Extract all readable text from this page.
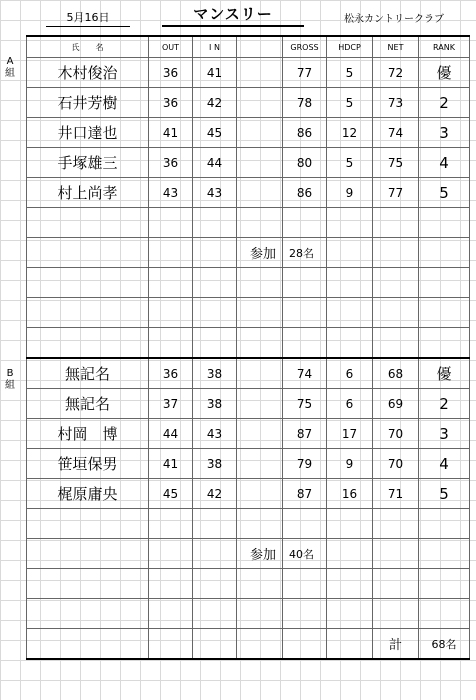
5月16日	マンスリー	松永カントリークラブ
A組
B組
氏　　名	OUT	I N		GROSS	HDCP	NET	RANK
木村俊治	36	41		77	5	72	優
石井芳樹	36	42		78	5	73	2
井口達也	41	45		86	12	74	3
手塚雄三	36	44		80	5	75	4
村上尚孝	43	43		86	9	77	5

			参加	28名			

無記名	36	38		74	6	68	優
無記名	37	38		75	6	69	2
村岡　博	44	43		87	17	70	3
笹垣保男	41	38		79	9	70	4
梶原庸央	45	42		87	16	71	5

			参加	40名			

						計	68名
